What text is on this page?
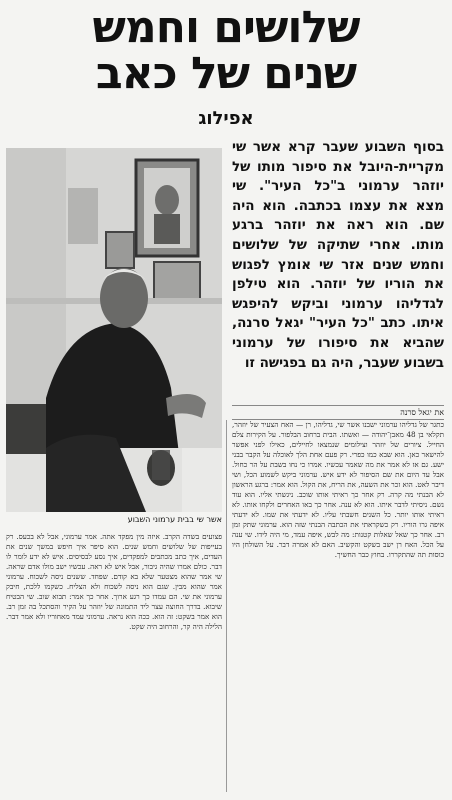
שלושים וחמש
שנים של כאב
אפילוג
בסוף השבוע שעבר קרא אשר שי מקריית-היובל את סיפור מותו של יוזהר ערמוני ב"כל העיר". שי מצא את עצמו בכתבה. הוא היה שם. הוא ראה את יוזהר ברגע מותו. אחרי שתיקה של שלושים וחמש שנים אזר שי אומץ לפגוש את הוריו של יוזהר. הוא טילפן לגדליהו ערמוני וביקש להיפגש איתו. כתב "כל העיר" יגאל סרנה, שהביא את סיפורו של ערמוני בשבוע שעבר, היה גם בפגישה זו
את יגאל סרנה
אשר שי בבית ערמוני השבוע
כתגר של גדליהו ערמוני ישבנו אשר שי, גדליהו, רן — האח הצעיר של יוזהר, תקלאי בן 48 מאבן־יהודה — ואשתו. הבית ברחוב הבלפור. על הקירות צלם החייל. ציורים של יוזהר וצילומים שנמצאו לחיילים, כאילו לפני אפשר להישאר כאן. הוא שבא כמו כפרי. רק פעם אחת הלך לאוכלה על הקבר בבני ישע. גם אז לא אמר את מה שאמר עכשיו. אמרו כי נחו בשבת על הר כחול. אבל עד היום את שם הסיפור לא ידע איש. ערמוני ביקש לשמוע הכל, ושי דיבר לאט. הוא זכר את השעה, את הריח, את הקול. הוא אמר: ברגע הראשון לא הבנתי מה קרה. רק אחר כך ראיתי אותו שוכב. ניגשתי אליו. הוא עוד נשם. ניסיתי לדבר איתו. הוא לא ענה. אחר כך באו האחרים ולקחו אותו. לא ראיתי אותו יותר. כל השנים חשבתי עליו. לא ידעתי את שמו. לא ידעתי איפה גרו הוריו. רק כשקראתי את הכתבה הבנתי שזה הוא. ערמוני שתק זמן רב. אחר כך שאל שאלות קטנות: מה לבש, איפה עמד, מי היה לידו. שי ענה על הכל. האח רן ישב בשקט והקשיב. האם לא אמרה דבר. על השולחן היו כוסות תה שהתקררו. בחוץ כבר החשיך.
פצועים בשדה הקרב. איזה מין מפקד אתה. אמר ערמוני, אבל לא בכעס. רק בעייפות של שלושים וחמש שנים. הוא סיפר איך חיפש במשך שנים את העדים, איך כתב מכתבים למפקדים, איך נסע לבסיסים. איש לא ידע לומר לו דבר. כולם אמרו שהיה גיבור, אבל איש לא ראה. עכשיו ישב מולו אדם שראה. שי אמר שהוא מצטער שלא בא קודם. שפחד. ששנים ניסה לשכוח. ערמוני אמר שהוא מבין. שגם הוא ניסה לשכוח ולא הצליח. כשקמו ללכת, חיבק ערמוני את שי. הם עמדו כך רגע ארוך. אחר כך אמר: תבוא שוב. שי הבטיח שיבוא. בדרך החוצה עצר ליד התמונה של יוזהר על הקיר והסתכל בה זמן רב. הוא אמר בשקט: זה הוא. ככה הוא נראה. ערמוני עמד מאחוריו ולא אמר דבר. הלילה היה קר, והרחוב היה שקט.
